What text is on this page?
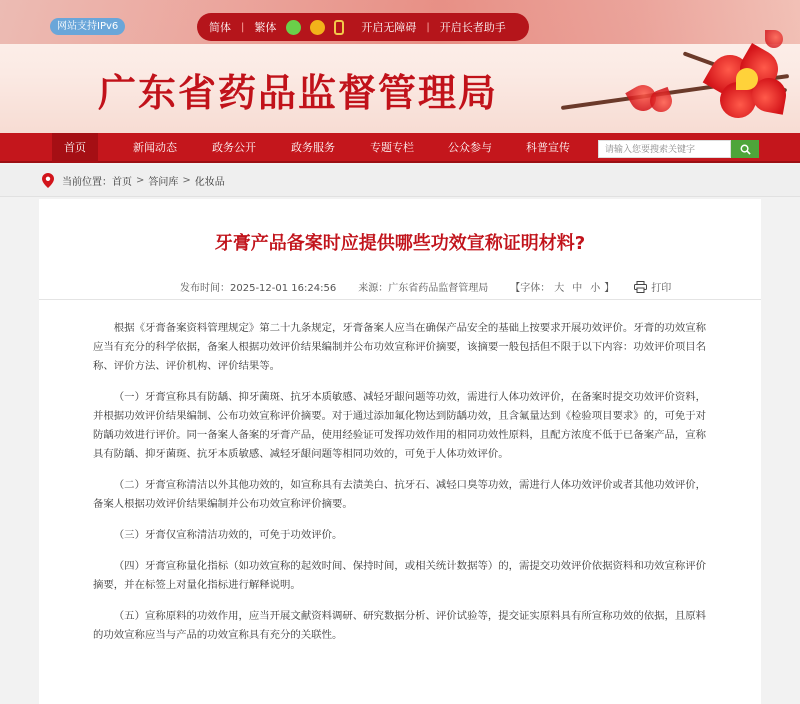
网站支持IPv6	简体 | 繁体	开启无障碍 | 开启长者助手
广东省药品监督管理局
首页	新闻动态	政务公开	政务服务	专题专栏	公众参与	科普宣传	请输入您要搜索关键字
当前位置： 首页 > 答问库 > 化妆品
牙膏产品备案时应提供哪些功效宣称证明材料?
发布时间：2025-12-01 16:24:56 来源：广东省药品监督管理局 【字体： 大 中 小 】	打印

根据《牙膏备案资料管理规定》第二十九条规定，牙膏备案人应当在确保产品安全的基础上按要求开展功效评价。牙膏的功效宣称应当有充分的科学依据，备案人根据功效评价结果编制并公布功效宣称评价摘要，该摘要一般包括但不限于以下内容：功效评价项目名称、评价方法、评价机构、评价结果等。

（一）牙膏宣称具有防龋、抑牙菌斑、抗牙本质敏感、减轻牙龈问题等功效，需进行人体功效评价，在备案时提交功效评价资料，并根据功效评价结果编制、公布功效宣称评价摘要。对于通过添加氟化物达到防龋功效，且含氟量达到《检验项目要求》的，可免于对防龋功效进行评价。同一备案人备案的牙膏产品，使用经验证可发挥功效作用的相同功效性原料，且配方浓度不低于已备案产品，宣称具有防龋、抑牙菌斑、抗牙本质敏感、减轻牙龈问题等相同功效的，可免于人体功效评价。

（二）牙膏宣称清洁以外其他功效的，如宣称具有去渍美白、抗牙石、减轻口臭等功效，需进行人体功效评价或者其他功效评价，备案人根据功效评价结果编制并公布功效宣称评价摘要。

（三）牙膏仅宣称清洁功效的，可免于功效评价。

（四）牙膏宣称量化指标（如功效宣称的起效时间、保持时间，或相关统计数据等）的，需提交功效评价依据资料和功效宣称评价摘要，并在标签上对量化指标进行解释说明。

（五）宣称原料的功效作用，应当开展文献资料调研、研究数据分析、评价试验等，提交证实原料具有所宣称功效的依据，且原料的功效宣称应当与产品的功效宣称具有充分的关联性。
